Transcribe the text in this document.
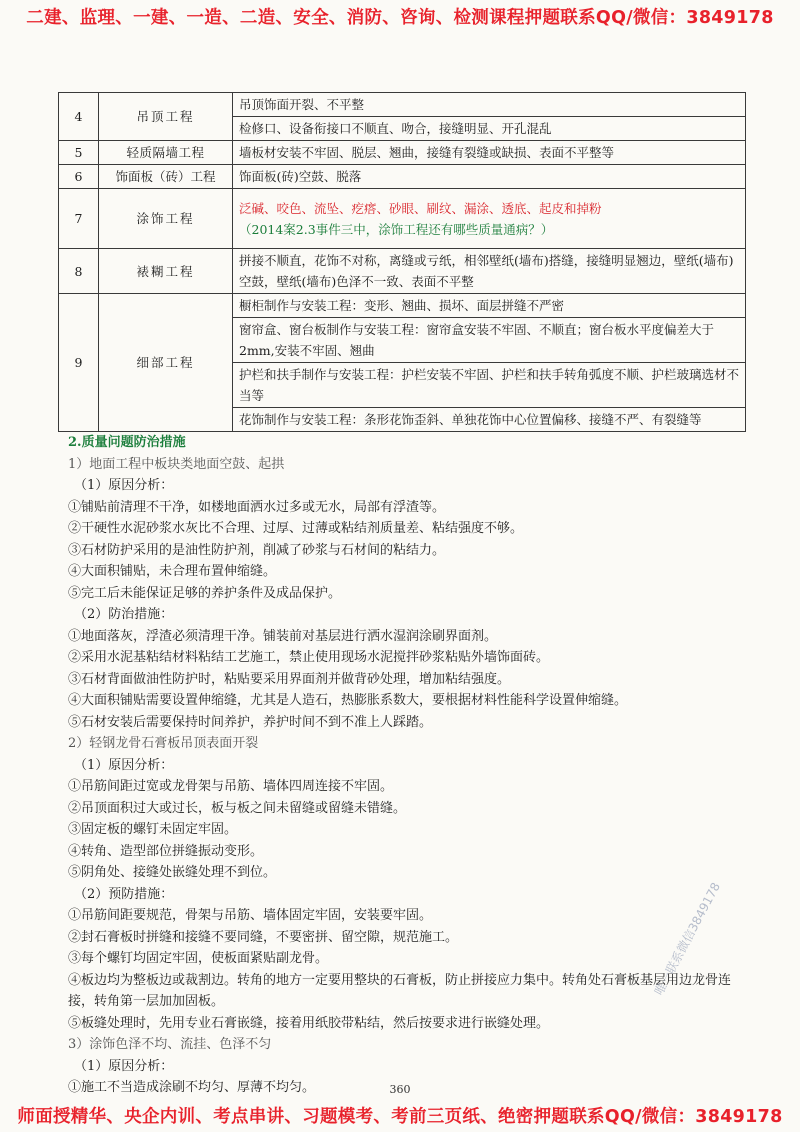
二建、监理、一建、一造、二造、安全、消防、咨询、检测课程押题联系QQ/微信：3849178
4	吊顶工程	吊顶饰面开裂、不平整
		检修口、设备衔接口不顺直、吻合，接缝明显、开孔混乱
5	轻质隔墙工程	墙板材安装不牢固、脱层、翘曲，接缝有裂缝或缺损、表面不平整等
6	饰面板（砖）工程	饰面板(砖)空鼓、脱落
7	涂饰工程	泛碱、咬色、流坠、疙瘩、砂眼、刷纹、漏涂、透底、起皮和掉粉
（2014案2.3事件三中，涂饰工程还有哪些质量通病？）

8	裱糊工程	拼接不顺直，花饰不对称，离缝或亏纸，相邻壁纸(墙布)搭缝，接缝明显翘边，壁纸(墙布)空鼓，壁纸(墙布)色泽不一致、表面不平整
9	细部工程	橱柜制作与安装工程：变形、翘曲、损坏、面层拼缝不严密
		窗帘盒、窗台板制作与安装工程：窗帘盒安装不牢固、不顺直；窗台板水平度偏差大于2mm,安装不牢固、翘曲
		护栏和扶手制作与安装工程：护栏安装不牢固、护栏和扶手转角弧度不顺、护栏玻璃选材不当等
		花饰制作与安装工程：条形花饰歪斜、单独花饰中心位置偏移、接缝不严、有裂缝等

2.质量问题防治措施

1）地面工程中板块类地面空鼓、起拱

（1）原因分析：

①铺贴前清理不干净，如楼地面洒水过多或无水，局部有浮渣等。

②干硬性水泥砂浆水灰比不合理、过厚、过薄或粘结剂质量差、粘结强度不够。

③石材防护采用的是油性防护剂，削减了砂浆与石材间的粘结力。

④大面积铺贴，未合理布置伸缩缝。

⑤完工后未能保证足够的养护条件及成品保护。

（2）防治措施：

①地面落灰，浮渣必须清理干净。铺装前对基层进行洒水湿润涂刷界面剂。

②采用水泥基粘结材料粘结工艺施工，禁止使用现场水泥搅拌砂浆粘贴外墙饰面砖。

③石材背面做油性防护时，粘贴要采用界面剂并做背砂处理，增加粘结强度。

④大面积铺贴需要设置伸缩缝，尤其是人造石，热膨胀系数大，要根据材料性能科学设置伸缩缝。

⑤石材安装后需要保持时间养护，养护时间不到不准上人踩踏。

2）轻钢龙骨石膏板吊顶表面开裂

（1）原因分析：

①吊筋间距过宽或龙骨架与吊筋、墙体四周连接不牢固。

②吊顶面积过大或过长，板与板之间未留缝或留缝未错缝。

③固定板的螺钉未固定牢固。

④转角、造型部位拼缝振动变形。

⑤阴角处、接缝处嵌缝处理不到位。

（2）预防措施：

①吊筋间距要规范，骨架与吊筋、墙体固定牢固，安装要牢固。

②封石膏板时拼缝和接缝不要同缝，不要密拼、留空隙，规范施工。

③每个螺钉均固定牢固，使板面紧贴副龙骨。

④板边均为整板边或裁割边。转角的地方一定要用整块的石膏板，防止拼接应力集中。转角处石膏板基层用边龙骨连接，转角第一层加加固板。

⑤板缝处理时，先用专业石膏嵌缝，接着用纸胶带粘结，然后按要求进行嵌缝处理。

3）涂饰色泽不均、流挂、色泽不匀

（1）原因分析：

①施工不当造成涂刷不均匀、厚薄不均匀。

唯一联系微信3849178
360
师面授精华、央企内训、考点串讲、习题模考、考前三页纸、绝密押题联系QQ/微信：3849178
